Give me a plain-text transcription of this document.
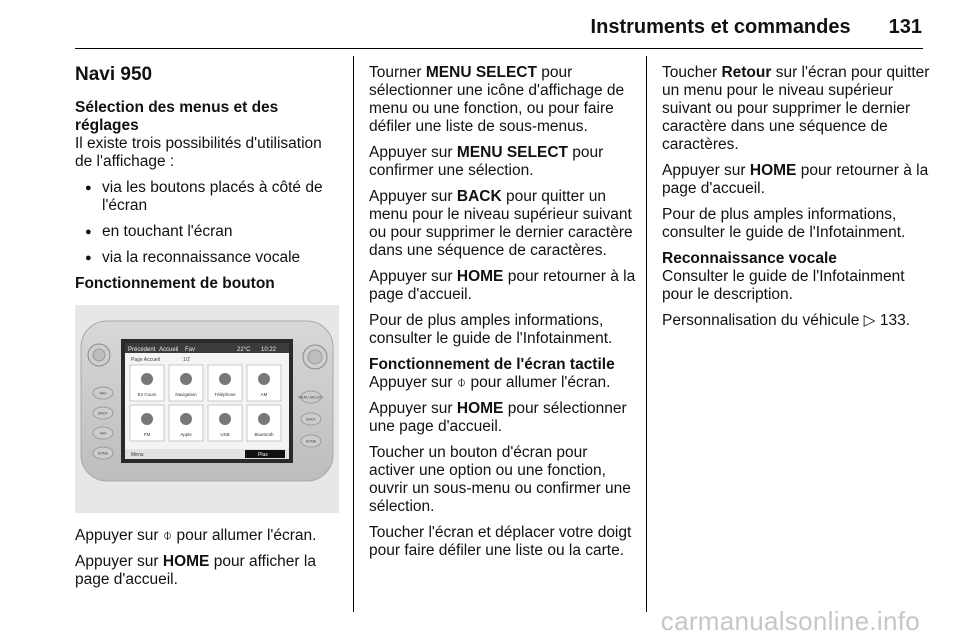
Instruments et commandes 131
Navi 950
Sélection des menus et des réglages

Il existe trois possibilités d'utilisation de l'affichage :

● via les boutons placés à côté de l'écran
● en touchant l'écran
● via la reconnaissance vocale
Fonctionnement de bouton
Précédent Accueil Fav	22°C 10:22
Page Accueil	1/2
En Cours	Navigation	Téléphone	AM
FM	Apple	USB	Bluetooth
Menu	Plus
NAV
BACK
FAV
HOME
MENU SELECT
BACK
HOME

Appuyer sur ⌽ pour allumer l'écran.

Appuyer sur HOME pour afficher la page d'accueil.

Tourner MENU SELECT pour sélectionner une icône d'affichage de menu ou une fonction, ou pour faire défiler une liste de sous-menus.

Appuyer sur MENU SELECT pour confirmer une sélection.

Appuyer sur BACK pour quitter un menu pour le niveau supérieur suivant ou pour supprimer le dernier caractère dans une séquence de caractères.

Appuyer sur HOME pour retourner à la page d'accueil.

Pour de plus amples informations, consulter le guide de l'Infotainment.

Fonctionnement de l'écran tactile

Appuyer sur ⌽ pour allumer l'écran.

Appuyer sur HOME pour sélectionner une page d'accueil.

Toucher un bouton d'écran pour activer une option ou une fonction, ouvrir un sous-menu ou confirmer une sélection.

Toucher l'écran et déplacer votre doigt pour faire défiler une liste ou la carte.

Toucher Retour sur l'écran pour quitter un menu pour le niveau supérieur suivant ou pour supprimer le dernier caractère dans une séquence de caractères.

Appuyer sur HOME pour retourner à la page d'accueil.

Pour de plus amples informations, consulter le guide de l'Infotainment.

Reconnaissance vocale

Consulter le guide de l'Infotainment pour le description.

Personnalisation du véhicule ▷ 133.

carmanualsonline.info
